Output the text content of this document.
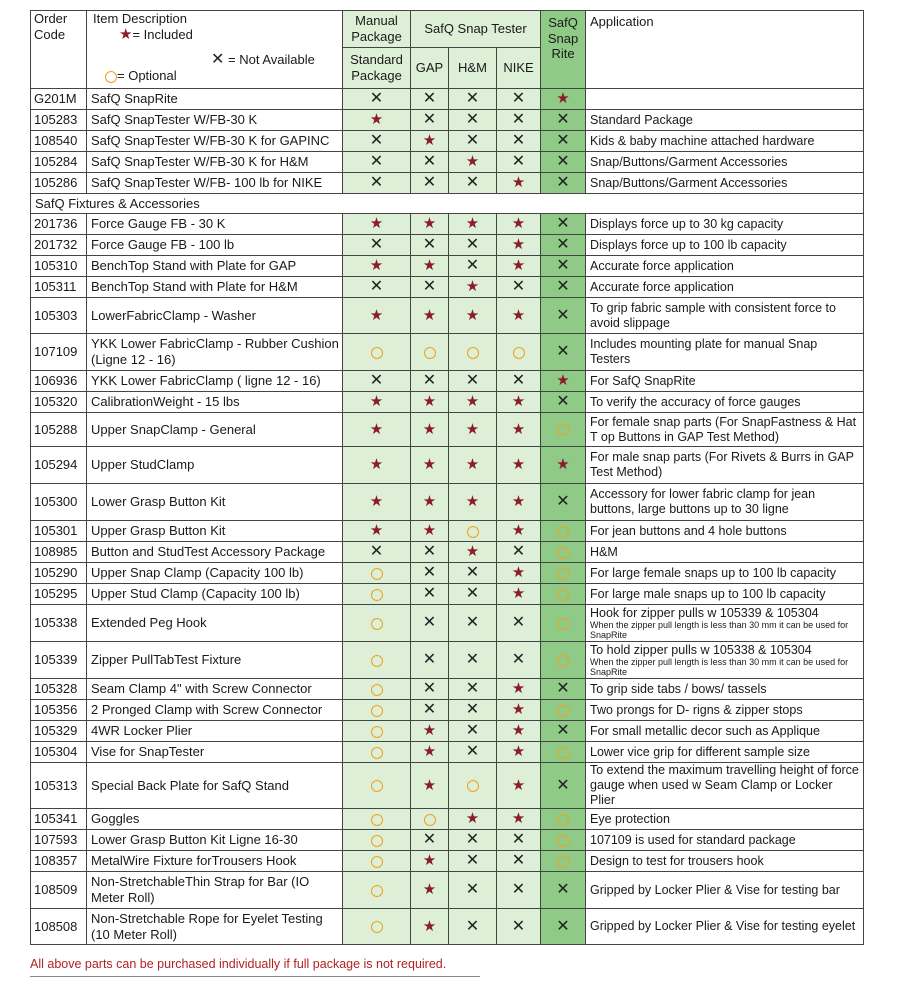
Order Code	Item Description
★= Included
✕ = Not Available
= Optional	Manual Package	SafQ Snap Tester			SafQ Snap Rite	Application
		Standard Package	GAP	H&M	NIKE		
G201M	SafQ SnapRite	✕	✕	✕	✕	★	
105283	SafQ SnapTester W/FB-30 K	★	✕	✕	✕	✕	Standard Package
108540	SafQ SnapTester W/FB-30 K for GAPINC	✕	★	✕	✕	✕	Kids & baby machine attached hardware
105284	SafQ SnapTester W/FB-30 K for H&M	✕	✕	★	✕	✕	Snap/Buttons/Garment Accessories
105286	SafQ SnapTester W/FB- 100 lb for NIKE	✕	✕	✕	★	✕	Snap/Buttons/Garment Accessories
SafQ Fixtures & Accessories							
201736	Force Gauge FB - 30 K	★	★	★	★	✕	Displays force up to 30 kg capacity
201732	Force Gauge FB - 100 lb	✕	✕	✕	★	✕	Displays force up to 100 lb capacity
105310	BenchTop Stand with Plate for GAP	★	★	✕	★	✕	Accurate force application
105311	BenchTop Stand with Plate for H&M	✕	✕	★	✕	✕	Accurate force application
105303	LowerFabricClamp - Washer	★	★	★	★	✕	To grip fabric sample with consistent force to avoid slippage
107109	YKK Lower FabricClamp - Rubber Cushion (Ligne 12 - 16)					✕	Includes mounting plate for manual Snap Testers
106936	YKK Lower FabricClamp ( ligne 12 - 16)	✕	✕	✕	✕	★	For SafQ SnapRite
105320	CalibrationWeight - 15 lbs	★	★	★	★	✕	To verify the accuracy of force gauges
105288	Upper SnapClamp - General	★	★	★	★		For female snap parts (For SnapFastness & Hat T op Buttons in GAP Test Method)
105294	Upper StudClamp	★	★	★	★	★	For male snap parts (For Rivets & Burrs in GAP Test Method)
105300	Lower Grasp Button Kit	★	★	★	★	✕	Accessory for lower fabric clamp for jean buttons, large buttons up to 30 ligne
105301	Upper Grasp Button Kit	★	★		★		For jean buttons and 4 hole buttons
108985	Button and StudTest Accessory Package	✕	✕	★	✕		H&M
105290	Upper Snap Clamp (Capacity 100 lb)		✕	✕	★		For large female snaps up to 100 lb capacity
105295	Upper Stud Clamp (Capacity 100 lb)		✕	✕	★		For large male snaps up to 100 lb capacity
105338	Extended Peg Hook		✕	✕	✕		Hook for zipper pulls w 105339 & 105304
When the zipper pull length is less than 30 mm it can be used for SnapRite

105339	Zipper PullTabTest Fixture		✕	✕	✕		To hold zipper pulls w 105338 & 105304
When the zipper pull length is less than 30 mm it can be used for SnapRite

105328	Seam Clamp 4" with Screw Connector		✕	✕	★	✕	To grip side tabs / bows/ tassels
105356	2 Pronged Clamp with Screw Connector		✕	✕	★		Two prongs for D- rigns & zipper stops
105329	4WR Locker Plier		★	✕	★	✕	For small metallic decor such as Applique
105304	Vise for SnapTester		★	✕	★		Lower vice grip for different sample size
105313	Special Back Plate for SafQ Stand		★		★	✕	To extend the maximum travelling height of force gauge when used w Seam Clamp or Locker Plier
105341	Goggles			★	★		Eye protection
107593	Lower Grasp Button Kit Ligne 16-30		✕	✕	✕		107109 is used for standard package
108357	MetalWire Fixture forTrousers Hook		★	✕	✕		Design to test for trousers hook
108509	Non-StretchableThin Strap for Bar (IO Meter Roll)		★	✕	✕	✕	Gripped by Locker Plier & Vise for testing bar
108508	Non-Stretchable Rope for Eyelet Testing (10 Meter Roll)		★	✕	✕	✕	Gripped by Locker Plier & Vise for testing eyelet
All above parts can be purchased individually if full package is not required.
